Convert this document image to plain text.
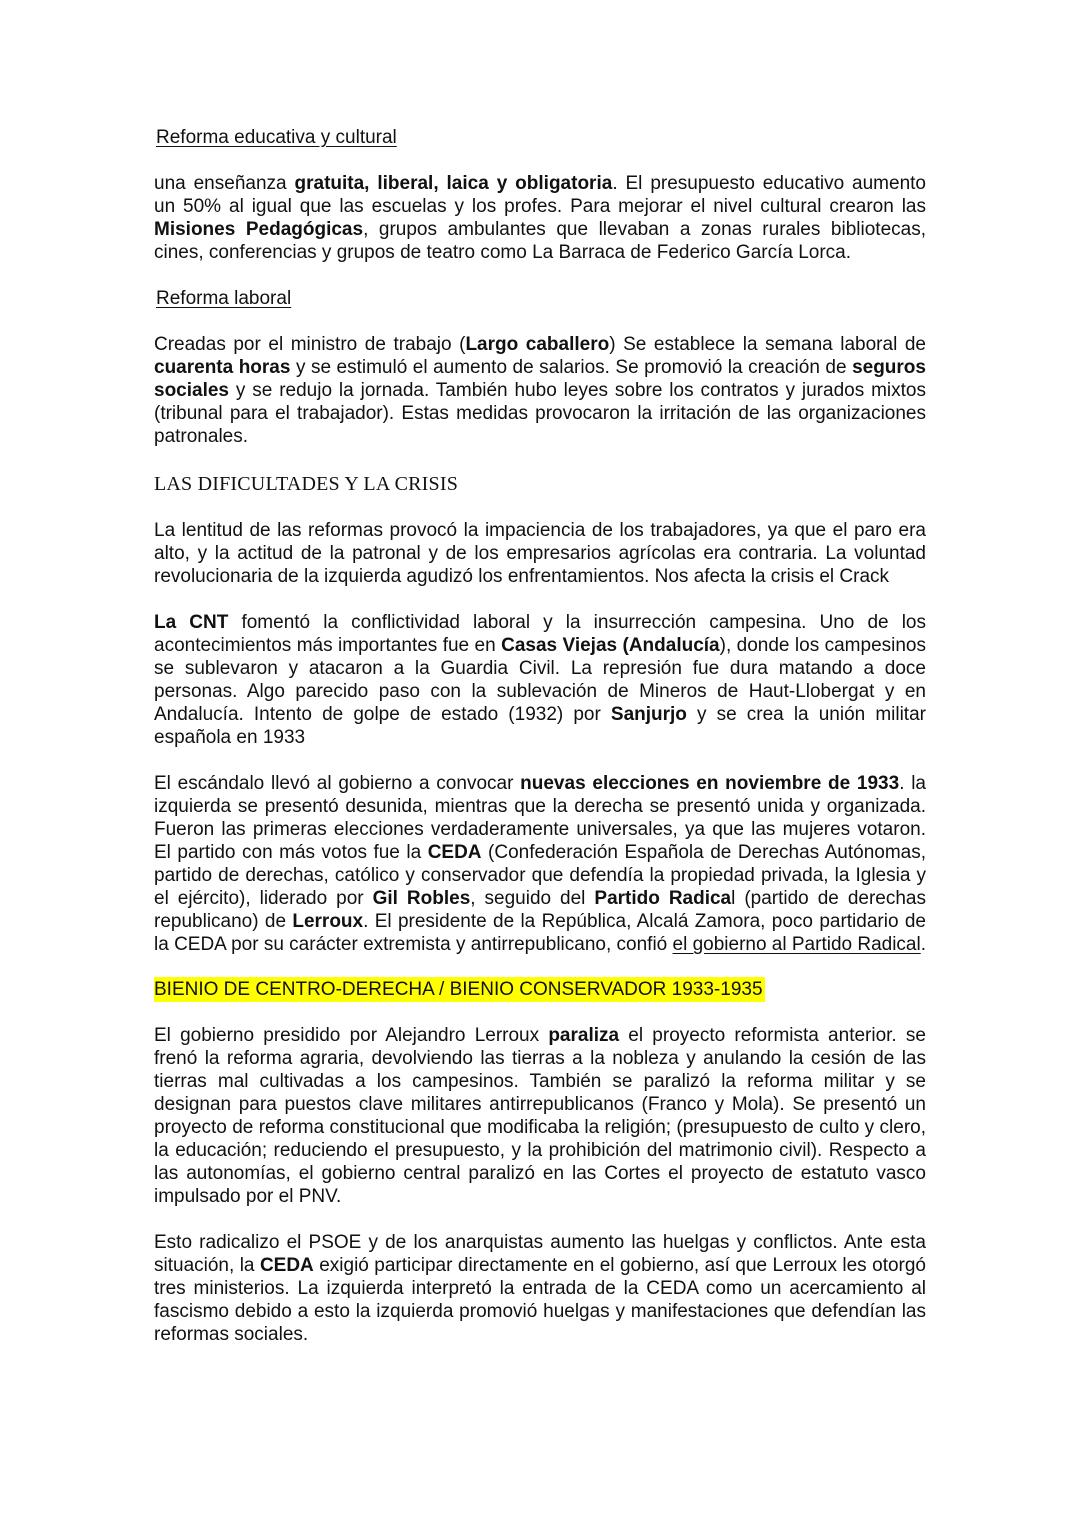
Reforma educativa y cultural

una enseñanza gratuita, liberal, laica y obligatoria. El presupuesto educativo aumento un 50% al igual que las escuelas y los profes. Para mejorar el nivel cultural crearon las Misiones Pedagógicas, grupos ambulantes que llevaban a zonas rurales bibliotecas, cines, conferencias y grupos de teatro como La Barraca de Federico García Lorca.

Reforma laboral

Creadas por el ministro de trabajo (Largo caballero) Se establece la semana laboral de cuarenta horas y se estimuló el aumento de salarios. Se promovió la creación de seguros sociales y se redujo la jornada. También hubo leyes sobre los contratos y jurados mixtos (tribunal para el trabajador). Estas medidas provocaron la irritación de las organizaciones patronales.

LAS DIFICULTADES Y LA CRISIS

La lentitud de las reformas provocó la impaciencia de los trabajadores, ya que el paro era alto, y la actitud de la patronal y de los empresarios agrícolas era contraria. La voluntad revolucionaria de la izquierda agudizó los enfrentamientos. Nos afecta la crisis el Crack

La CNT fomentó la conflictividad laboral y la insurrección campesina. Uno de los acontecimientos más importantes fue en Casas Viejas (Andalucía), donde los campesinos se sublevaron y atacaron a la Guardia Civil. La represión fue dura matando a doce personas. Algo parecido paso con la sublevación de Mineros de Haut-Llobergat y en Andalucía. Intento de golpe de estado (1932) por Sanjurjo y se crea la unión militar española en 1933

El escándalo llevó al gobierno a convocar nuevas elecciones en noviembre de 1933. la izquierda se presentó desunida, mientras que la derecha se presentó unida y organizada. Fueron las primeras elecciones verdaderamente universales, ya que las mujeres votaron. El partido con más votos fue la CEDA (Confederación Española de Derechas Autónomas, partido de derechas, católico y conservador que defendía la propiedad privada, la Iglesia y el ejército), liderado por Gil Robles, seguido del Partido Radical (partido de derechas republicano) de Lerroux. El presidente de la República, Alcalá Zamora, poco partidario de la CEDA por su carácter extremista y antirrepublicano, confió el gobierno al Partido Radical.

BIENIO DE CENTRO-DERECHA / BIENIO CONSERVADOR 1933-1935

El gobierno presidido por Alejandro Lerroux paraliza el proyecto reformista anterior. se frenó la reforma agraria, devolviendo las tierras a la nobleza y anulando la cesión de las tierras mal cultivadas a los campesinos. También se paralizó la reforma militar y se designan para puestos clave militares antirrepublicanos (Franco y Mola). Se presentó un proyecto de reforma constitucional que modificaba la religión; (presupuesto de culto y clero, la educación; reduciendo el presupuesto, y la prohibición del matrimonio civil). Respecto a las autonomías, el gobierno central paralizó en las Cortes el proyecto de estatuto vasco impulsado por el PNV.

Esto radicalizo el PSOE y de los anarquistas aumento las huelgas y conflictos. Ante esta situación, la CEDA exigió participar directamente en el gobierno, así que Lerroux les otorgó tres ministerios. La izquierda interpretó la entrada de la CEDA como un acercamiento al fascismo debido a esto la izquierda promovió huelgas y manifestaciones que defendían las reformas sociales.
